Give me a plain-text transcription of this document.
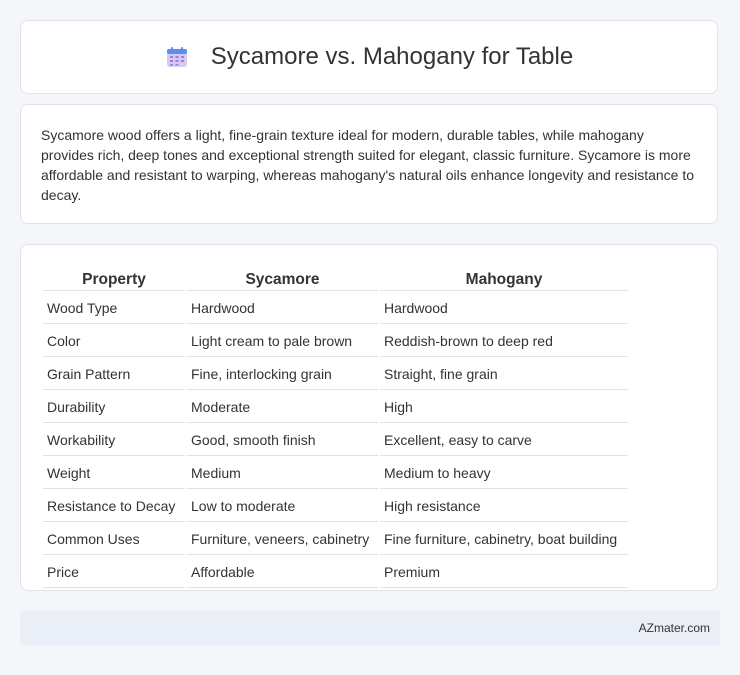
Sycamore vs. Mahogany for Table

Sycamore wood offers a light, fine-grain texture ideal for modern, durable tables, while mahogany provides rich, deep tones and exceptional strength suited for elegant, classic furniture. Sycamore is more affordable and resistant to warping, whereas mahogany's natural oils enhance longevity and resistance to decay.

Property	Sycamore	Mahogany
Wood Type	Hardwood	Hardwood
Color	Light cream to pale brown	Reddish-brown to deep red
Grain Pattern	Fine, interlocking grain	Straight, fine grain
Durability	Moderate	High
Workability	Good, smooth finish	Excellent, easy to carve
Weight	Medium	Medium to heavy
Resistance to Decay	Low to moderate	High resistance
Common Uses	Furniture, veneers, cabinetry	Fine furniture, cabinetry, boat building
Price	Affordable	Premium
AZmater.com
